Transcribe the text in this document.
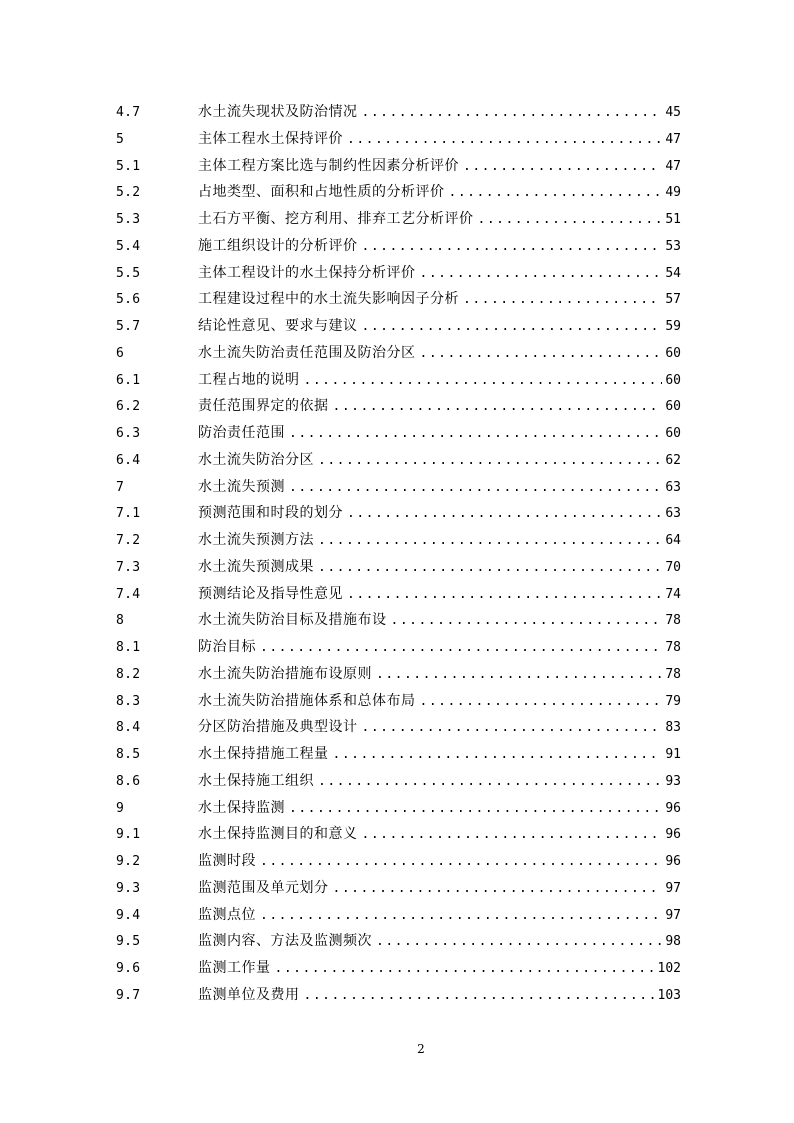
4.7	水土流失现状及防治情况 .....	45
5	主体工程水土保持评价 .....	47
5.1	主体工程方案比选与制约性因素分析评价 .....	47
5.2	占地类型、面积和占地性质的分析评价 .....	49
5.3	土石方平衡、挖方利用、排弃工艺分析评价 .....	51
5.4	施工组织设计的分析评价 .....	53
5.5	主体工程设计的水土保持分析评价 .....	54
5.6	工程建设过程中的水土流失影响因子分析 .....	57
5.7	结论性意见、要求与建议 .....	59
6	水土流失防治责任范围及防治分区 .....	60
6.1	工程占地的说明 .....	60
6.2	责任范围界定的依据 .....	60
6.3	防治责任范围 .....	60
6.4	水土流失防治分区 .....	62
7	水土流失预测 .....	63
7.1	预测范围和时段的划分 .....	63
7.2	水土流失预测方法 .....	64
7.3	水土流失预测成果 .....	70
7.4	预测结论及指导性意见 .....	74
8	水土流失防治目标及措施布设 .....	78
8.1	防治目标 .....	78
8.2	水土流失防治措施布设原则 .....	78
8.3	水土流失防治措施体系和总体布局 .....	79
8.4	分区防治措施及典型设计 .....	83
8.5	水土保持措施工程量 .....	91
8.6	水土保持施工组织 .....	93
9	水土保持监测 .....	96
9.1	水土保持监测目的和意义 .....	96
9.2	监测时段 .....	96
9.3	监测范围及单元划分 .....	97
9.4	监测点位 .....	97
9.5	监测内容、方法及监测频次 .....	98
9.6	监测工作量 .....	102
9.7	监测单位及费用 .....	103
2
